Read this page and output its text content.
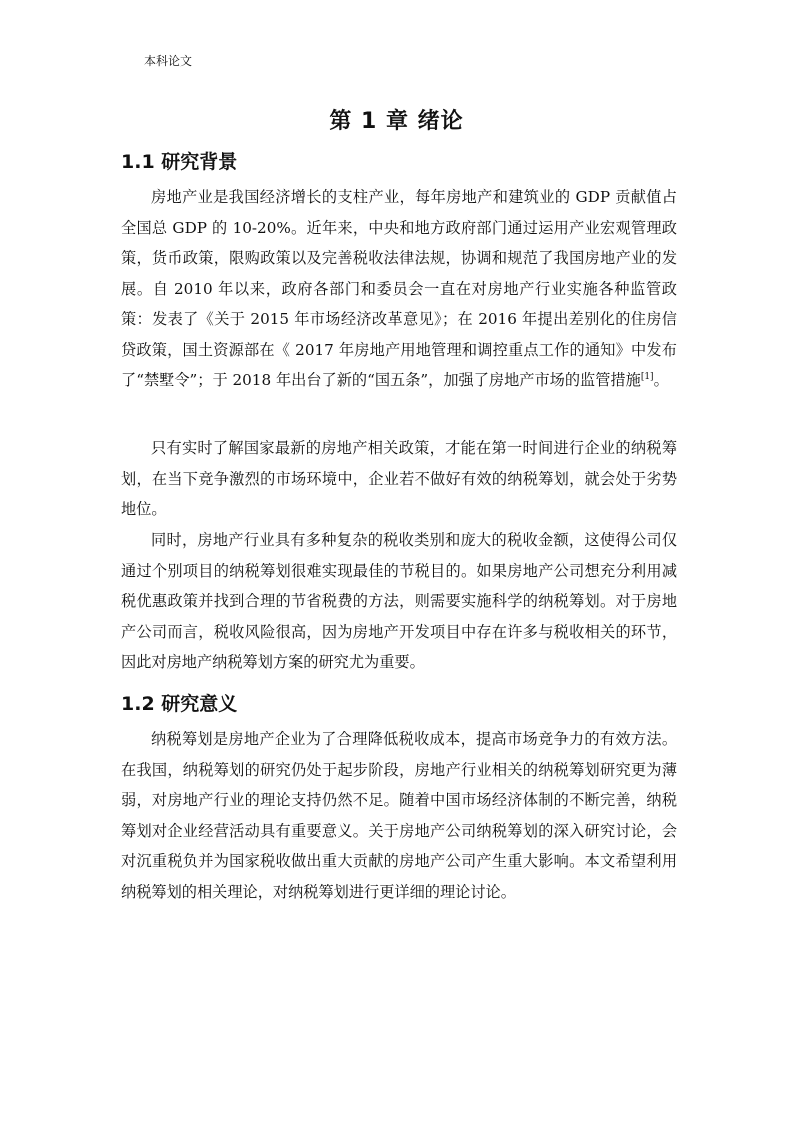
本科论文
第 1 章 绪论
1.1 研究背景

房地产业是我国经济增长的支柱产业，每年房地产和建筑业的 GDP 贡献值占全国总 GDP 的 10-20%。近年来，中央和地方政府部门通过运用产业宏观管理政策，货币政策，限购政策以及完善税收法律法规，协调和规范了我国房地产业的发展。自 2010 年以来，政府各部门和委员会一直在对房地产行业实施各种监管政策：发表了《关于 2015 年市场经济改革意见》；在 2016 年提出差别化的住房信贷政策，国土资源部在《 2017 年房地产用地管理和调控重点工作的通知》中发布了“禁墅令”；于 2018 年出台了新的“国五条”，加强了房地产市场的监管措施[1]。

只有实时了解国家最新的房地产相关政策，才能在第一时间进行企业的纳税筹划，在当下竞争激烈的市场环境中，企业若不做好有效的纳税筹划，就会处于劣势地位。

同时，房地产行业具有多种复杂的税收类别和庞大的税收金额，这使得公司仅通过个别项目的纳税筹划很难实现最佳的节税目的。如果房地产公司想充分利用减税优惠政策并找到合理的节省税费的方法，则需要实施科学的纳税筹划。对于房地产公司而言，税收风险很高，因为房地产开发项目中存在许多与税收相关的环节，因此对房地产纳税筹划方案的研究尤为重要。

1.2 研究意义

纳税筹划是房地产企业为了合理降低税收成本，提高市场竞争力的有效方法。在我国，纳税筹划的研究仍处于起步阶段，房地产行业相关的纳税筹划研究更为薄弱，对房地产行业的理论支持仍然不足。随着中国市场经济体制的不断完善，纳税筹划对企业经营活动具有重要意义。关于房地产公司纳税筹划的深入研究讨论，会对沉重税负并为国家税收做出重大贡献的房地产公司产生重大影响。本文希望利用纳税筹划的相关理论，对纳税筹划进行更详细的理论讨论。
